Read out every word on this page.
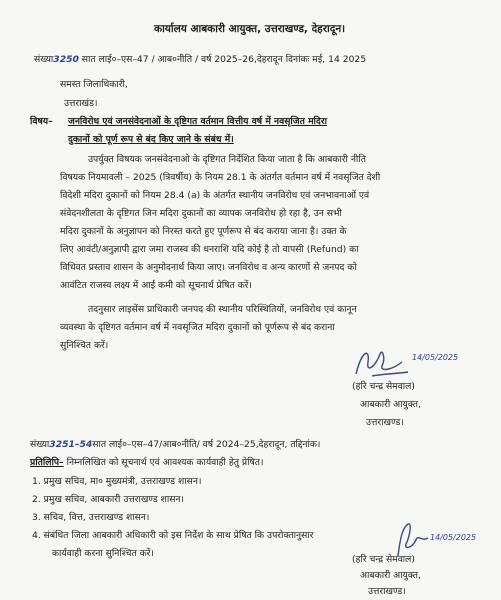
कार्यालय आबकारी आयुक्त, उत्तराखण्ड, देहरादून।
संख्या3250 सात लाई०–एस–47 / आब०नीति / वर्ष 2025–26,देहरादून दिनांकः मई, 14 2025
समस्त जिलाधिकारी,
उत्तराखंड।
विषय– जनविरोध एवं जनसंवेदनाओं के दृष्टिगत वर्तमान वित्तीय वर्ष में नवसृजित मदिरा
दुकानों को पूर्ण रूप से बंद किए जाने के संबंध में।
उपर्युक्त विषयक जनसंवेदनाओ के दृष्टिगत निर्देशित किया जाता है कि आबकारी नीति
विषयक नियमावली – 2025 (त्रिवर्षीय) के नियम 28.1 के अंतर्गत वर्तमान वर्ष में नवसृजित देशी
विदेशी मदिरा दुकानों को नियम 28.4 (a) के अंतर्गत स्थानीय जनविरोध एवं जनभावनाओं एवं
संवेदनशीलता के दृष्टिगत जिन मदिरा दुकानों का व्यापक जनविरोध हो रहा है, उन सभी
मदिरा दुकानों के अनुज्ञापन को निरस्त करते हुए पूर्णरूप से बंद कराया जाना है। उक्त के
लिए आवंटी/अनुज्ञापी द्वारा जमा राजस्व की धनराशि यदि कोई है तो वापसी (Refund) का
विधिवत प्रस्ताव शासन के अनुमोदनार्थ किया जाए। जनविरोध व अन्य कारणों से जनपद को
आवंटित राजस्व लक्ष्य में आई कमी को सूचनार्थ प्रेषित करें।
तदनुसार लाइसेंस प्राधिकारी जनपद की स्थानीय परिस्थितियों, जनविरोध एवं कानून
व्यवस्था के दृष्टिगत वर्तमान वर्ष में नवसृजित मदिरा दुकानों को पूर्णरूप से बंद कराना
सुनिश्चित करें।
14/05/2025
(हरि चन्द्र सेमवाल)
आबकारी आयुक्त,
उत्तराखण्ड।
संख्या3251–54सात लाई०–एस–47/आब०नीति/ वर्ष 2024–25,देहरादून, तद्दिनांक।
प्रतिलिपि– निम्नलिखित को सूचनार्थ एवं आवश्यक कार्यवाही हेतु प्रेषित।
1. प्रमुख सचिव, मा० मुख्यमंत्री, उत्तराखण्ड शासन।
2. प्रमुख सचिव, आबकारी उत्तराखण्ड शासन।
3. सचिव, वित्त, उत्तराखण्ड शासन।
4. संबंधित जिला आबकारी अधिकारी को इस निर्देश के साथ प्रेषित कि उपरोक्तानुसार
कार्यवाही करना सुनिश्चित करें।
14/05/2025
(हरि चन्द्र सेमवाल)
आबकारी आयुक्त,
उत्तराखण्ड।
